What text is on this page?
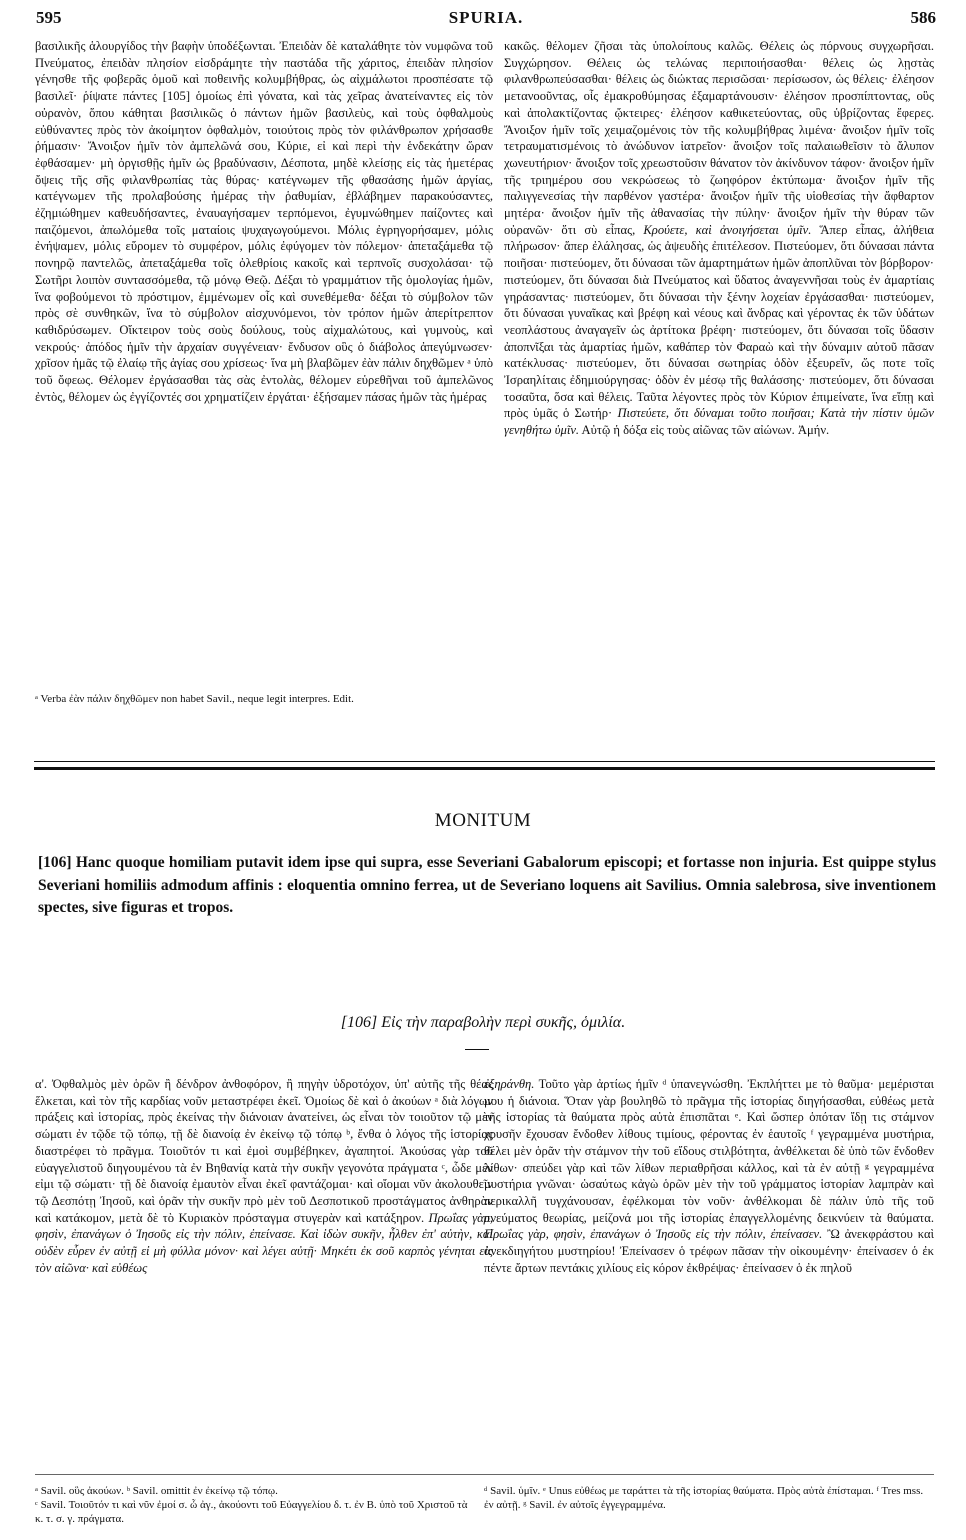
595	SPURIA.	586

βασιλικῆς ἁλουργίδος τὴν βαφὴν ὑποδέξωνται. Ἐπειδὰν δὲ καταλάθητε τὸν νυμφῶνα τοῦ Πνεύματος, ἐπειδὰν πλησίον εἰσδράμητε τὴν παστάδα τῆς χάριτος, ἐπειδὰν πλησίον γένησθε τῆς φοβερᾶς ὁμοῦ καὶ ποθεινῆς κολυμβήθρας, ὡς αἰχμάλωτοι προσπέσατε τῷ βασιλεῖ· ῥίψατε πάντες [105] ὁμοίως ἐπὶ γόνατα, καὶ τὰς χεῖρας ἀνατείναντες εἰς τὸν οὐρανὸν, ὅπου κάθηται βασιλικῶς ὁ πάντων ἡμῶν βασιλεὺς, καὶ τοὺς ὀφθαλμοὺς εὐθύναντες πρὸς τὸν ἀκοίμητον ὀφθαλμὸν, τοιούτοις πρὸς τὸν φιλάνθρωπον χρήσασθε ῥήμασιν· Ἄνοιξον ἡμῖν τὸν ἀμπελῶνά σου, Κύριε, εἰ καὶ περὶ τὴν ἑνδεκάτην ὥραν ἐφθάσαμεν· μὴ ὀργισθῇς ἡμῖν ὡς βραδύνασιν, Δέσποτα, μηδὲ κλείσῃς εἰς τὰς ἡμετέρας ὄψεις τῆς σῆς φιλανθρωπίας τὰς θύρας· κατέγνωμεν τῆς φθασάσης ἡμῶν ἀργίας, κατέγνωμεν τῆς προλαβούσης ἡμέρας τὴν ῥαθυμίαν, ἐβλάβημεν παρακούσαντες, ἐζημιώθημεν καθευδήσαντες, ἐναυαγήσαμεν τερπόμενοι, ἐγυμνώθημεν παίζοντες καὶ παιζόμενοι, ἀπωλόμεθα τοῖς ματαίοις ψυχαγωγούμενοι. Μόλις ἐγρηγορήσαμεν, μόλις ἐνήψαμεν, μόλις εὕρομεν τὸ συμφέρον, μόλις ἐφύγομεν τὸν πόλεμον· ἀπεταξάμεθα τῷ πονηρῷ παντελῶς, ἀπεταξάμεθα τοῖς ὀλεθρίοις κακοῖς καὶ τερπνοῖς συσχολάσαι· τῷ Σωτῆρι λοιπὸν συντασσόμεθα, τῷ μόνῳ Θεῷ. Δέξαι τὸ γραμμάτιον τῆς ὁμολογίας ἡμῶν, ἵνα φοβούμενοι τὸ πρόστιμον, ἐμμένωμεν οἷς καὶ συνεθέμεθα· δέξαι τὸ σύμβολον τῶν πρὸς σὲ συνθηκῶν, ἵνα τὸ σύμβολον αἰσχυνόμενοι, τὸν τρόπον ἡμῶν ἀπερίτρεπτον καθιδρύσωμεν. Οἴκτειρον τοὺς σοὺς δούλους, τοὺς αἰχμαλώτους, καὶ γυμνοὺς, καὶ νεκρούς· ἀπόδος ἡμῖν τὴν ἀρχαίαν συγγένειαν· ἔνδυσον οὓς ὁ διάβολος ἀπεγύμνωσεν· χρῖσον ἡμᾶς τῷ ἐλαίῳ τῆς ἁγίας σου χρίσεως· ἵνα μὴ βλαβῶμεν ἐὰν πάλιν δηχθῶμεν ᵃ ὑπὸ τοῦ ὄφεως. Θέλομεν ἐργάσασθαι τὰς σὰς ἐντολὰς, θέλομεν εὑρεθῆναι τοῦ ἀμπελῶνος ἐντὸς, θέλομεν ὡς ἐγγίζοντές σοι χρηματίζειν ἐργάται· ἐξήσαμεν πάσας ἡμῶν τὰς ἡμέρας

ᵃ Verba ἐὰν πάλιν δηχθῶμεν non habet Savil., neque legit interpres. Edit.

κακῶς. θέλομεν ζῆσαι τὰς ὑπολοίπους καλῶς. Θέλεις ὡς πόρνους συγχωρῆσαι. Συγχώρησον. Θέλεις ὡς τελώνας περιποιήσασθαι· θέλεις ὡς λῃστὰς φιλανθρωπεύσασθαι· θέλεις ὡς διώκτας περισῶσαι· περίσωσον, ὡς θέλεις· ἐλέησον μετανοοῦντας, οἷς ἐμακροθύμησας ἐξαμαρτάνουσιν· ἐλέησον προσπίπτοντας, οὓς καὶ ἀπολακτίζοντας ᾤκτειρες· ἐλέησον καθικετεύοντας, οὓς ὑβρίζοντας ἔφερες. Ἄνοιξον ἡμῖν τοῖς χειμαζομένοις τὸν τῆς κολυμβήθρας λιμένα· ἄνοιξον ἡμῖν τοῖς τετραυματισμένοις τὸ ἀνώδυνον ἰατρεῖον· ἄνοιξον τοῖς παλαιωθεῖσιν τὸ ἄλυπον χωνευτήριον· ἄνοιξον τοῖς χρεωστοῦσιν θάνατον τὸν ἀκίνδυνον τάφον· ἄνοιξον ἡμῖν τῆς τριημέρου σου νεκρώσεως τὸ ζωηφόρον ἐκτύπωμα· ἄνοιξον ἡμῖν τῆς παλιγγενεσίας τὴν παρθένον γαστέρα· ἄνοιξον ἡμῖν τῆς υἱοθεσίας τὴν ἄφθαρτον μητέρα· ἄνοιξον ἡμῖν τῆς ἀθανασίας τὴν πύλην· ἄνοιξον ἡμῖν τὴν θύραν τῶν οὐρανῶν· ὅτι σὺ εἶπας, Κρούετε, καὶ ἀνοιγήσεται ὑμῖν. Ἅπερ εἶπας, ἀλήθεια πλήρωσον· ἅπερ ἐλάλησας, ὡς ἀψευδὴς ἐπιτέλεσον. Πιστεύομεν, ὅτι δύνασαι πάντα ποιῆσαι· πιστεύομεν, ὅτι δύνασαι τῶν ἁμαρτημάτων ἡμῶν ἀποπλῦναι τὸν βόρβορον· πιστεύομεν, ὅτι δύνασαι διὰ Πνεύματος καὶ ὕδατος ἀναγεννῆσαι τοὺς ἐν ἁμαρτίαις γηράσαντας· πιστεύομεν, ὅτι δύνασαι τὴν ξένην λοχείαν ἐργάσασθαι· πιστεύομεν, ὅτι δύνασαι γυναῖκας καὶ βρέφη καὶ νέους καὶ ἄνδρας καὶ γέροντας ἐκ τῶν ὑδάτων νεοπλάστους ἀναγαγεῖν ὡς ἀρτίτοκα βρέφη· πιστεύομεν, ὅτι δύνασαι τοῖς ὕδασιν ἀποπνῖξαι τὰς ἁμαρτίας ἡμῶν, καθάπερ τὸν Φαραὼ καὶ τὴν δύναμιν αὐτοῦ πᾶσαν κατέκλυσας· πιστεύομεν, ὅτι δύνασαι σωτηρίας ὁδὸν ἐξευρεῖν, ὥς ποτε τοῖς Ἰσραηλίταις ἐδημιούργησας· ὁδὸν ἐν μέσῳ τῆς θαλάσσης· πιστεύομεν, ὅτι δύνασαι τοσαῦτα, ὅσα καὶ θέλεις. Ταῦτα λέγοντες πρὸς τὸν Κύριον ἐπιμείνατε, ἵνα εἴπῃ καὶ πρὸς ὑμᾶς ὁ Σωτήρ· Πιστεύετε, ὅτι δύναμαι τοῦτο ποιῆσαι; Κατὰ τὴν πίστιν ὑμῶν γενηθήτω ὑμῖν. Αὐτῷ ἡ δόξα εἰς τοὺς αἰῶνας τῶν αἰώνων. Ἀμήν.

MONITUM
[106] Hanc quoque homiliam putavit idem ipse qui supra, esse Severiani Gabalorum episcopi; et fortasse non injuria. Est quippe stylus Severiani homiliis admodum affinis : eloquentia omnino ferrea, ut de Severiano loquens ait Savilius. Omnia salebrosa, sive inventionem spectes, sive figuras et tropos.
[106] Εἰς τὴν παραβολὴν περὶ συκῆς, ὁμιλία.

α'. Ὀφθαλμὸς μὲν ὁρῶν ἢ δένδρον ἀνθοφόρον, ἢ πηγὴν ὑδροτόχον, ὑπ' αὐτῆς τῆς θέας ἕλκεται, καὶ τὸν τῆς καρδίας νοῦν μεταστρέφει ἐκεῖ. Ὁμοίως δὲ καὶ ὁ ἀκούων ᵃ διὰ λόγων πράξεις καὶ ἱστορίας, πρὸς ἐκείνας τὴν διάνοιαν ἀνατείνει, ὡς εἶναι τὸν τοιοῦτον τῷ μὲν σώματι ἐν τῷδε τῷ τόπῳ, τῇ δὲ διανοίᾳ ἐν ἐκείνῳ τῷ τόπῳ ᵇ, ἔνθα ὁ λόγος τῆς ἱστορίας διαστρέφει τὸ πρᾶγμα. Τοιοῦτόν τι καὶ ἐμοὶ συμβέβηκεν, ἀγαπητοί. Ἀκούσας γὰρ τοῦ εὐαγγελιστοῦ διηγουμένου τὰ ἐν Βηθανίᾳ κατὰ τὴν συκῆν γεγονότα πράγματα ᶜ, ὧδε μέν εἰμι τῷ σώματι· τῇ δὲ διανοίᾳ ἐμαυτὸν εἶναι ἐκεῖ φαντάζομαι· καὶ οἴομαι νῦν ἀκολουθεῖν τῷ Δεσπότῃ Ἰησοῦ, καὶ ὁρᾶν τὴν συκῆν πρὸ μὲν τοῦ Δεσποτικοῦ προστάγματος ἀνθηρὰν καὶ κατάκομον, μετὰ δὲ τὸ Κυριακὸν πρόσταγμα στυγερὰν καὶ κατάξηρον. Πρωΐας γὰρ, φησὶν, ἐπανάγων ὁ Ἰησοῦς εἰς τὴν πόλιν, ἐπείνασε. Καὶ ἰδὼν συκῆν, ἦλθεν ἐπ' αὐτὴν, καὶ οὐδὲν εὗρεν ἐν αὐτῇ εἰ μὴ φύλλα μόνον· καὶ λέγει αὐτῇ· Μηκέτι ἐκ σοῦ καρπὸς γένηται εἰς τὸν αἰῶνα· καὶ εὐθέως

ἐξηράνθη. Τοῦτο γὰρ ἀρτίως ἡμῖν ᵈ ὑπανεγνώσθη. Ἐκπλήττει με τὸ θαῦμα· μεμέρισται μου ἡ διάνοια. Ὅταν γὰρ βουληθῶ τὸ πρᾶγμα τῆς ἱστορίας διηγήσασθαι, εὐθέως μετὰ τῆς ἱστορίας τὰ θαύματα πρὸς αὐτὰ ἐπισπᾶται ᵉ. Καὶ ὥσπερ ὁπόταν ἴδῃ τις στάμνον χρυσῆν ἔχουσαν ἔνδοθεν λίθους τιμίους, φέροντας ἐν ἑαυτοῖς ᶠ γεγραμμένα μυστήρια, θέλει μὲν ὁρᾶν τὴν στάμνον τὴν τοῦ εἴδους στιλβότητα, ἀνθέλκεται δὲ ὑπὸ τῶν ἔνδοθεν λίθων· σπεύδει γὰρ καὶ τῶν λίθων περιαθρῆσαι κάλλος, καὶ τὰ ἐν αὐτῇ ᵍ γεγραμμένα μυστήρια γνῶναι· ὡσαύτως κἀγὼ ὁρῶν μὲν τὴν τοῦ γράμματος ἱστορίαν λαμπρὰν καὶ περικαλλῆ τυγχάνουσαν, ἐφέλκομαι τὸν νοῦν· ἀνθέλκομαι δὲ πάλιν ὑπὸ τῆς τοῦ πνεύματος θεωρίας, μείζονά μοι τῆς ἱστορίας ἐπαγγελλομένης δεικνύειν τὰ θαύματα. Πρωΐας γὰρ, φησὶν, ἐπανάγων ὁ Ἰησοῦς εἰς τὴν πόλιν, ἐπείνασεν. Ὢ ἀνεκφράστου καὶ ἀνεκδιηγήτου μυστηρίου! Ἐπείνασεν ὁ τρέφων πᾶσαν τὴν οἰκουμένην· ἐπείνασεν ὁ ἐκ πέντε ἄρτων πεντάκις χιλίους εἰς κόρον ἐκθρέψας· ἐπείνασεν ὁ ἐκ πηλοῦ

ᵃ Savil. οὓς ἀκούων. ᵇ Savil. omittit ἐν ἐκείνῳ τῷ τόπῳ.
ᶜ Savil. Τοιοῦτόν τι καὶ νῦν ἐμοί σ. ὦ ἀγ., ἀκούοντι τοῦ Εὐαγγελίου δ. τ. ἐν Β. ὑπὸ τοῦ Χριστοῦ τὰ κ. τ. σ. γ. πράγματα.
ᵈ Savil. ὑμῖν. ᵉ Unus εὐθέως με ταράττει τὰ τῆς ἱστορίας θαύματα. Πρὸς αὐτὰ ἐπίσταμαι. ᶠ Tres mss. ἐν αὐτῇ. ᵍ Savil. ἐν αὐτοῖς ἐγγεγραμμένα.
